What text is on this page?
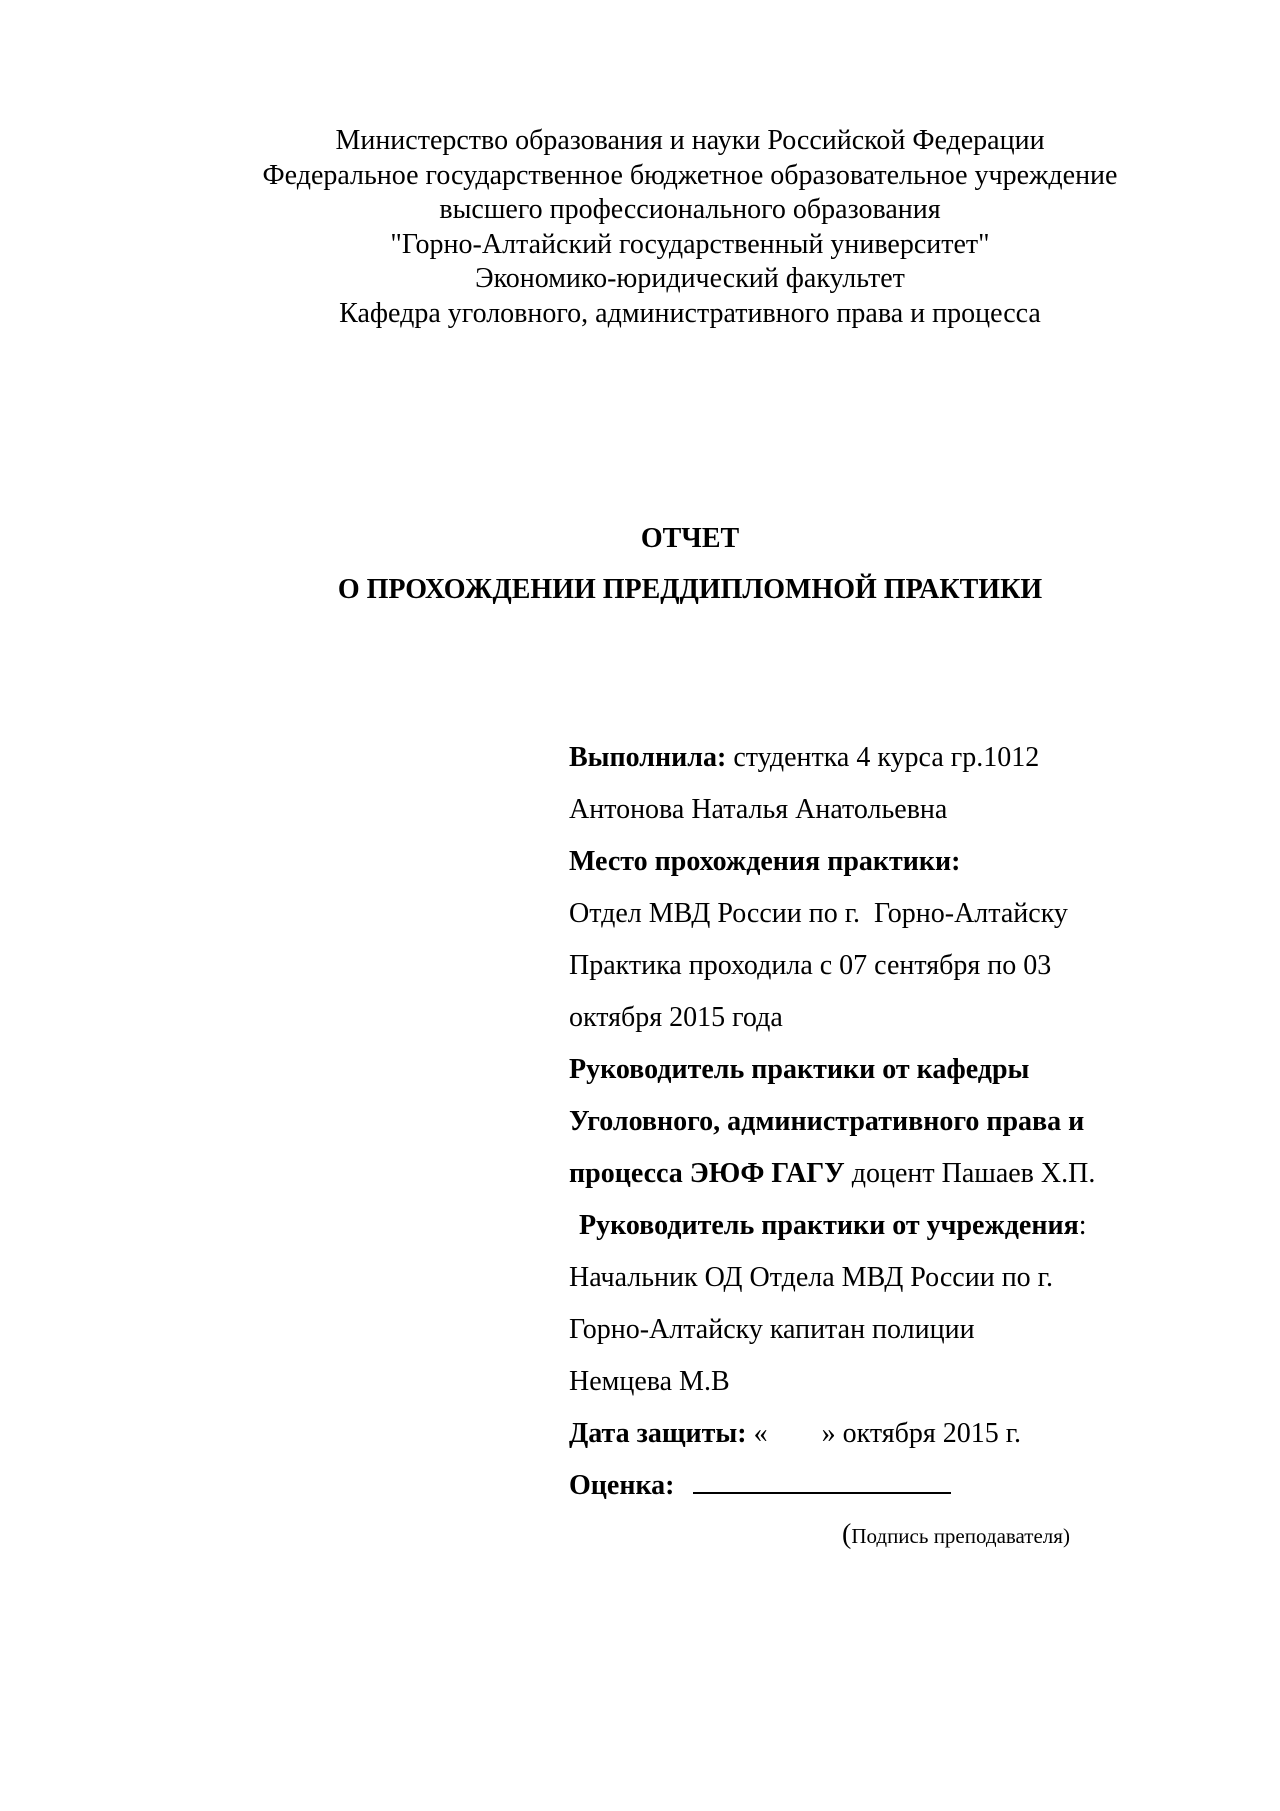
Министерство образования и науки Российской Федерации
Федеральное государственное бюджетное образовательное учреждение
высшего профессионального образования
"Горно-Алтайский государственный университет"
Экономико-юридический факультет
Кафедра уголовного, административного права и процесса
ОТЧЕТ
О ПРОХОЖДЕНИИ ПРЕДДИПЛОМНОЙ ПРАКТИКИ
Выполнила: студентка 4 курса гр.1012
Антонова Наталья Анатольевна
Место прохождения практики:
Отдел МВД России по г.  Горно-Алтайску
Практика проходила с 07 сентября по 03
октября 2015 года
Руководитель практики от кафедры
Уголовного, административного права и
процесса ЭЮФ ГАГУ доцент Пашаев Х.П.
Руководитель практики от учреждения:
Начальник ОД Отдела МВД России по г.
Горно-Алтайску капитан полиции
Немцева М.В
Дата защиты: « » октября 2015 г.
Оценка:
(Подпись преподавателя)
